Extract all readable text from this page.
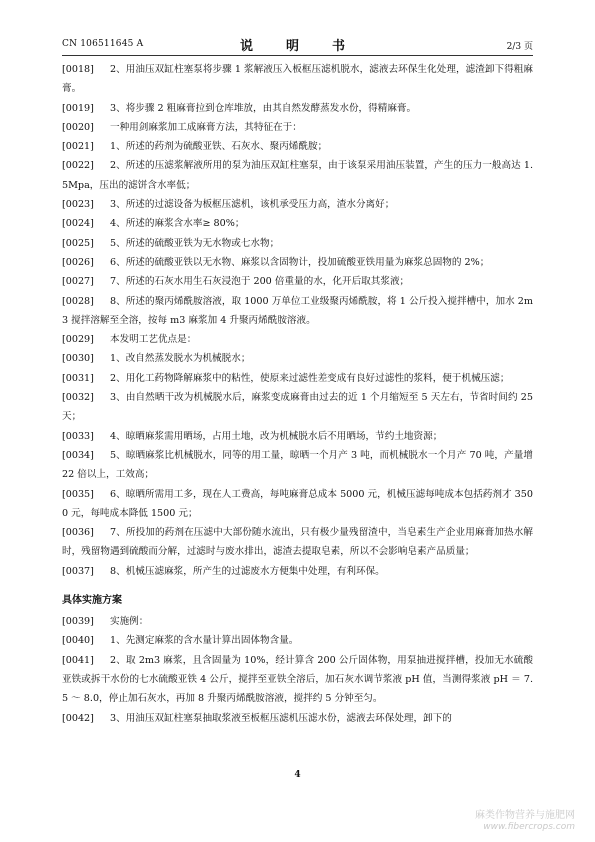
CN 106511645 A	说　明　书	2/3 页
[0018] 2、用油压双缸柱塞泵将步骤 1 浆解液压入板框压滤机脱水，滤液去环保生化处理，滤渣卸下得粗麻膏。
[0019] 3、将步骤 2 粗麻膏拉到仓库堆放，由其自然发酵蒸发水份，得精麻膏。
[0020] 一种用剑麻浆加工成麻膏方法，其特征在于：
[0021] 1、所述的药剂为硫酸亚铁、石灰水、聚丙烯酰胺；
[0022] 2、所述的压滤浆解液所用的泵为油压双缸柱塞泵，由于该泵采用油压装置，产生的压力一般高达 1.5Mpa，压出的滤饼含水率低；
[0023] 3、所述的过滤设备为板框压滤机，该机承受压力高，渣水分离好；
[0024] 4、所述的麻浆含水率≥ 80%；
[0025] 5、所述的硫酸亚铁为无水物或七水物；
[0026] 6、所述的硫酸亚铁以无水物、麻浆以含固物计，投加硫酸亚铁用量为麻浆总固物的 2%；
[0027] 7、所述的石灰水用生石灰浸泡于 200 倍重量的水，化开后取其浆液；
[0028] 8、所述的聚丙烯酰胺溶液，取 1000 万单位工业级聚丙烯酰胺，将 1 公斤投入搅拌槽中，加水 2m3 搅拌溶解至全溶，按每 m3 麻浆加 4 升聚丙烯酰胺溶液。
[0029] 本发明工艺优点是：
[0030] 1、改自然蒸发脱水为机械脱水；
[0031] 2、用化工药物降解麻浆中的粘性，使原来过滤性差变成有良好过滤性的浆料，便于机械压滤；
[0032] 3、由自然晒干改为机械脱水后，麻浆变成麻膏由过去的近 1 个月缩短至 5 天左右，节省时间约 25 天；
[0033] 4、晾晒麻浆需用晒场，占用土地，改为机械脱水后不用晒场，节约土地资源；
[0034] 5、晾晒麻浆比机械脱水，同等的用工量，晾晒一个月产 3 吨，而机械脱水一个月产 70 吨，产量增 22 倍以上，工效高；
[0035] 6、晾晒所需用工多，现在人工费高，每吨麻膏总成本 5000 元，机械压滤每吨成本包括药剂才 3500 元，每吨成本降低 1500 元；
[0036] 7、所投加的药剂在压滤中大部份随水流出，只有极少量残留渣中，当皂素生产企业用麻膏加热水解时，残留物遇到硫酸而分解，过滤时与废水排出，滤渣去提取皂素，所以不会影响皂素产品质量；
[0037] 8、机械压滤麻浆，所产生的过滤废水方便集中处理，有利环保。
具体实施方案
[0039] 实施例：
[0040] 1、先测定麻浆的含水量计算出固体物含量。
[0041] 2、取 2m3 麻浆，且含固量为 10%，经计算含 200 公斤固体物，用泵抽进搅拌槽，投加无水硫酸亚铁或拆干水份的七水硫酸亚铁 4 公斤，搅拌至亚铁全溶后，加石灰水调节浆液 pH 值，当测得浆液 pH ＝ 7.5 ～ 8.0，停止加石灰水，再加 8 升聚丙烯酰胺溶液，搅拌约 5 分钟至匀。
[0042] 3、用油压双缸柱塞泵抽取浆液至板框压滤机压滤水份，滤液去环保处理，卸下的
4
麻类作物营养与施肥网
www.fibercrops.com
